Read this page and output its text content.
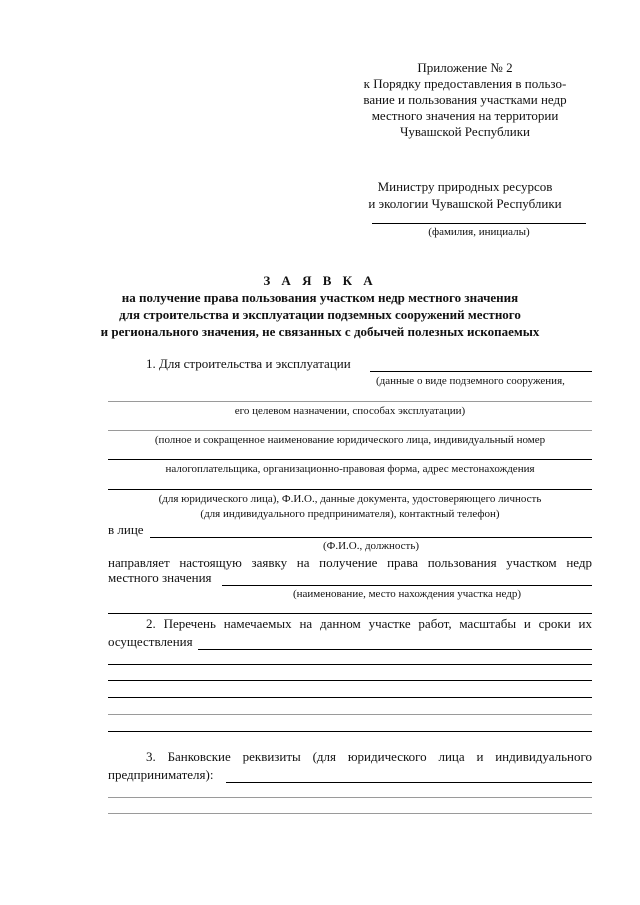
Приложение № 2
к Порядку предоставления в пользо-
вание и пользования участками недр
местного значения на территории
Чувашской Республики
Министру природных ресурсов
и экологии Чувашской Республики
(фамилия, инициалы)
З А Я В К А
на получение права пользования участком недр местного значения
для строительства и эксплуатации подземных сооружений местного
и регионального значения, не связанных с добычей полезных ископаемых
1. Для строительства и эксплуатации
(данные о виде подземного сооружения,
его целевом назначении, способах эксплуатации)
(полное и сокращенное наименование юридического лица, индивидуальный номер
налогоплательщика, организационно-правовая форма, адрес местонахождения
(для юридического лица), Ф.И.О., данные документа, удостоверяющего личность
(для индивидуального предпринимателя), контактный телефон)
в лице
(Ф.И.О., должность)
направляет настоящую заявку на получение права пользования участком недр
местного значения
(наименование, место нахождения участка недр)
2. Перечень намечаемых на данном участке работ, масштабы и сроки их
осуществления
3. Банковские реквизиты (для юридического лица и индивидуального
предпринимателя):
